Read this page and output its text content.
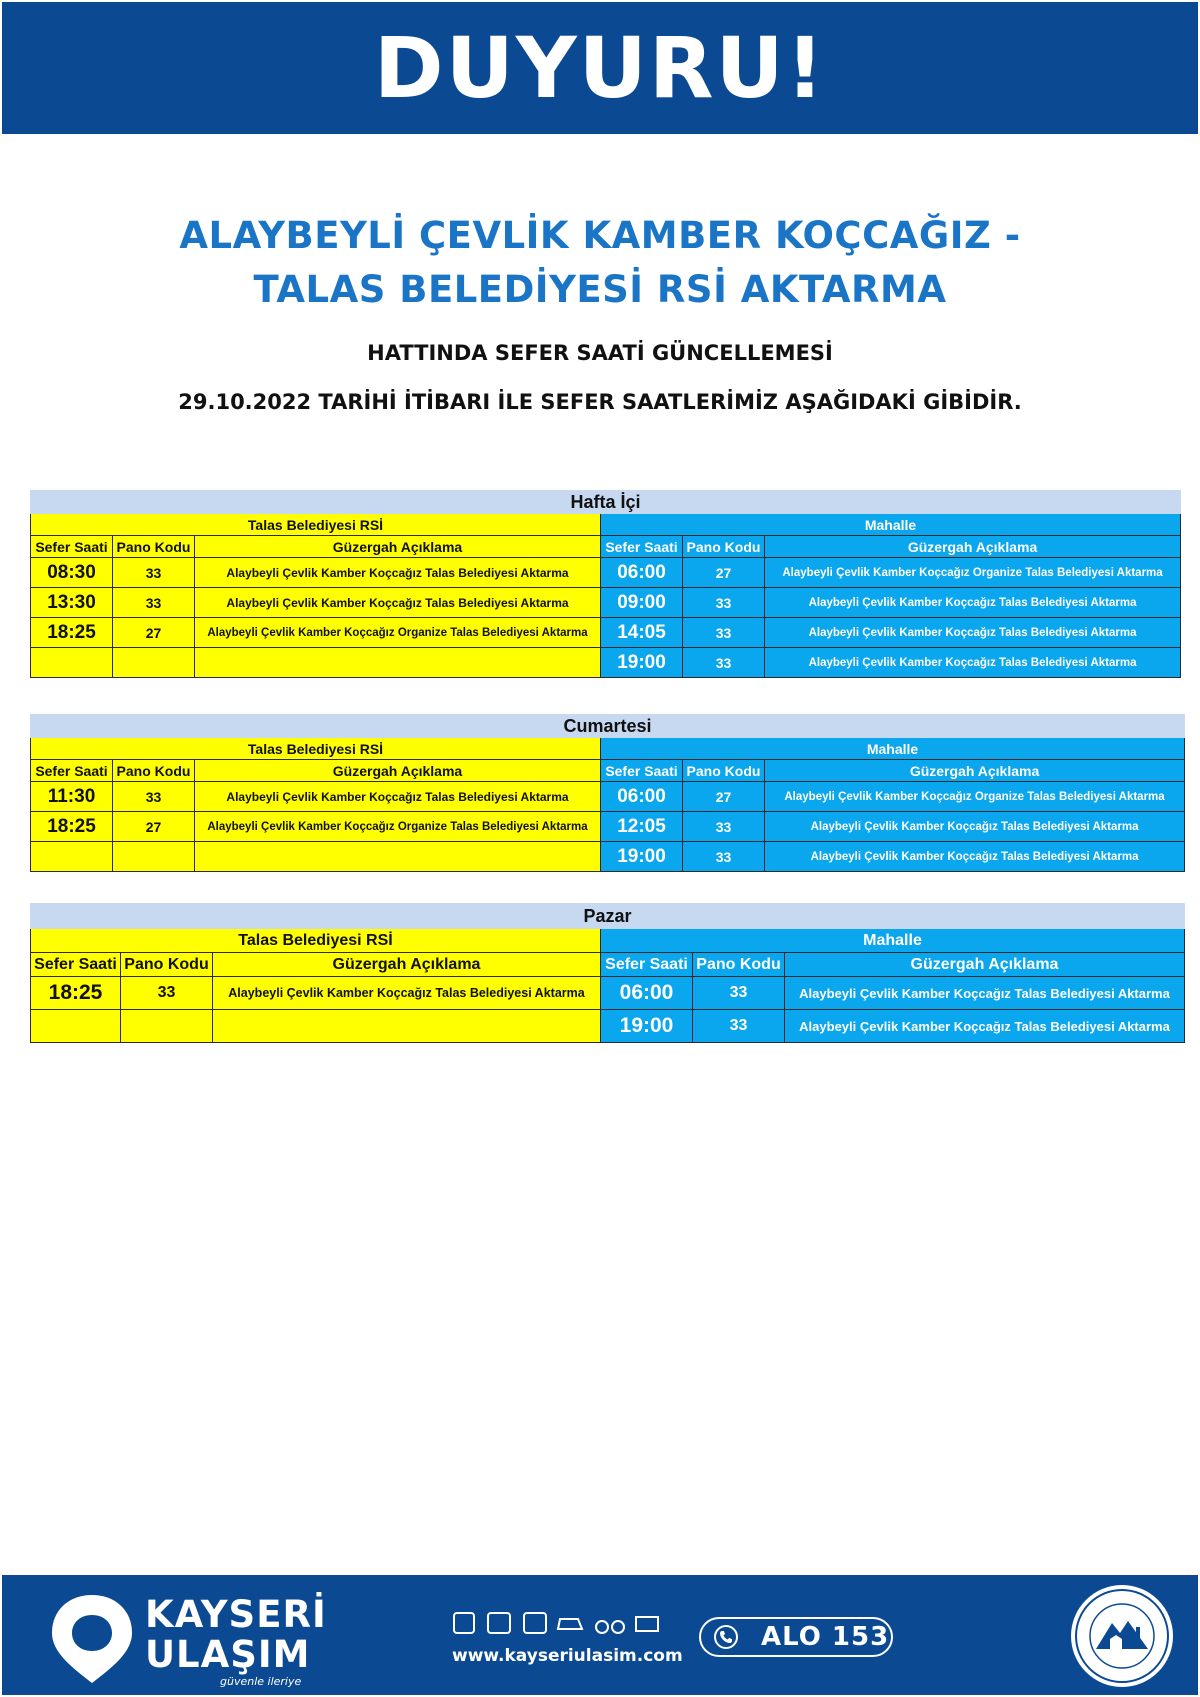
DUYURU!
ALAYBEYLİ ÇEVLİK KAMBER KOÇCAĞIZ -
TALAS BELEDİYESİ RSİ AKTARMA
HATTINDA SEFER SAATİ GÜNCELLEMESİ
29.10.2022 TARİHİ İTİBARI İLE SEFER SAATLERİMİZ AŞAĞIDAKİ GİBİDİR.
Hafta İçi					
Talas Belediyesi RSİ			Mahalle		
Sefer Saati	Pano Kodu	Güzergah Açıklama	Sefer Saati	Pano Kodu	Güzergah Açıklama
08:30	33	Alaybeyli Çevlik Kamber Koçcağız Talas Belediyesi Aktarma	06:00	27	Alaybeyli Çevlik Kamber Koçcağız Organize Talas Belediyesi Aktarma
13:30	33	Alaybeyli Çevlik Kamber Koçcağız Talas Belediyesi Aktarma	09:00	33	Alaybeyli Çevlik Kamber Koçcağız Talas Belediyesi Aktarma
18:25	27	Alaybeyli Çevlik Kamber Koçcağız Organize Talas Belediyesi Aktarma	14:05	33	Alaybeyli Çevlik Kamber Koçcağız Talas Belediyesi Aktarma
			19:00	33	Alaybeyli Çevlik Kamber Koçcağız Talas Belediyesi Aktarma
Cumartesi					
Talas Belediyesi RSİ			Mahalle		
Sefer Saati	Pano Kodu	Güzergah Açıklama	Sefer Saati	Pano Kodu	Güzergah Açıklama
11:30	33	Alaybeyli Çevlik Kamber Koçcağız Talas Belediyesi Aktarma	06:00	27	Alaybeyli Çevlik Kamber Koçcağız Organize Talas Belediyesi Aktarma
18:25	27	Alaybeyli Çevlik Kamber Koçcağız Organize Talas Belediyesi Aktarma	12:05	33	Alaybeyli Çevlik Kamber Koçcağız Talas Belediyesi Aktarma
			19:00	33	Alaybeyli Çevlik Kamber Koçcağız Talas Belediyesi Aktarma
Pazar					
Talas Belediyesi RSİ			Mahalle		
Sefer Saati	Pano Kodu	Güzergah Açıklama	Sefer Saati	Pano Kodu	Güzergah Açıklama
18:25	33	Alaybeyli Çevlik Kamber Koçcağız Talas Belediyesi Aktarma	06:00	33	Alaybeyli Çevlik Kamber Koçcağız Talas Belediyesi Aktarma
			19:00	33	Alaybeyli Çevlik Kamber Koçcağız Talas Belediyesi Aktarma
KAYSERİ
ULAŞIM
güvenle ileriye
www.kayseriulasim.com
ALO 153
